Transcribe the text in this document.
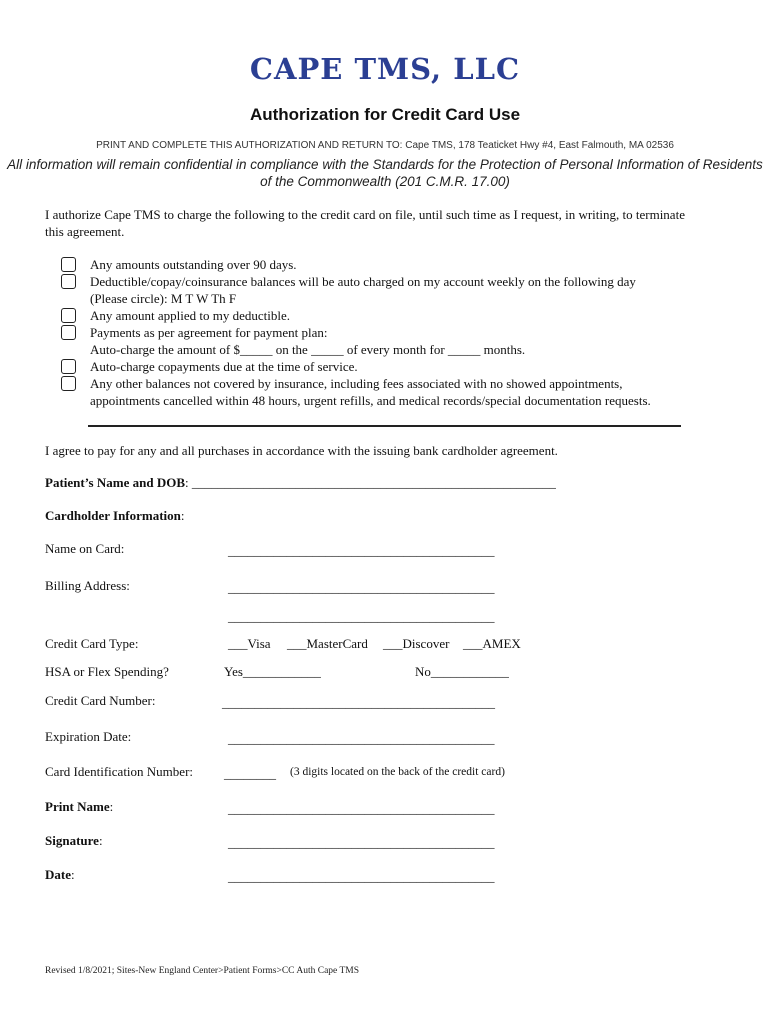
CAPE TMS, LLC
Authorization for Credit Card Use
PRINT AND COMPLETE THIS AUTHORIZATION AND RETURN TO: Cape TMS, 178 Teaticket Hwy #4, East Falmouth, MA 02536
All information will remain confidential in compliance with the Standards for the Protection of Personal Information of Residents of the Commonwealth (201 C.M.R. 17.00)
I authorize Cape TMS to charge the following to the credit card on file, until such time as I request, in writing, to terminate this agreement.
Any amounts outstanding over 90 days.
Deductible/copay/coinsurance balances will be auto charged on my account weekly on the following day
(Please circle): M T W Th F
Any amount applied to my deductible.
Payments as per agreement for payment plan:
Auto-charge the amount of $_____ on the _____ of every month for _____ months.
Auto-charge copayments due at the time of service.
Any other balances not covered by insurance, including fees associated with no showed appointments, appointments cancelled within 48 hours, urgent refills, and medical records/special documentation requests.
I agree to pay for any and all purchases in accordance with the issuing bank cardholder agreement.
Patient’s Name and DOB: ________________________________________________________
Cardholder Information:
Name on Card:	_________________________________________
Billing Address:	_________________________________________
_________________________________________
Credit Card Type:	___Visa ___MasterCard ___Discover ___AMEX
HSA or Flex Spending?	Yes____________	No____________
Credit Card Number:	__________________________________________
Expiration Date:	_________________________________________
Card Identification Number: ________ (3 digits located on the back of the credit card)
Print Name:	_________________________________________
Signature:	_________________________________________
Date:	_________________________________________
Revised 1/8/2021; Sites-New England Center>Patient Forms>CC Auth Cape TMS
